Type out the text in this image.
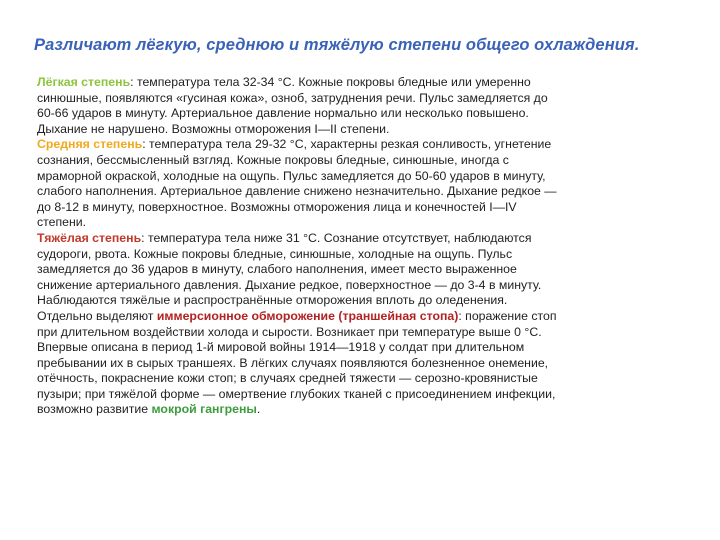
Различают лёгкую, среднюю и тяжёлую степени общего охлаждения.
Лёгкая степень: температура тела 32-34 °С. Кожные покровы бледные или умеренно
синюшные, появляются «гусиная кожа», озноб, затруднения речи. Пульс замедляется до
60-66 ударов в минуту. Артериальное давление нормально или несколько повышено.
Дыхание не нарушено. Возможны отморожения I—II степени.
Средняя степень: температура тела 29-32 °С, характерны резкая сонливость, угнетение
сознания, бессмысленный взгляд. Кожные покровы бледные, синюшные, иногда с
мраморной окраской, холодные на ощупь. Пульс замедляется до 50-60 ударов в минуту,
слабого наполнения. Артериальное давление снижено незначительно. Дыхание редкое —
до 8-12 в минуту, поверхностное. Возможны отморожения лица и конечностей I—IV
степени.
Тяжёлая степень: температура тела ниже 31 °С. Сознание отсутствует, наблюдаются
судороги, рвота. Кожные покровы бледные, синюшные, холодные на ощупь. Пульс
замедляется до 36 ударов в минуту, слабого наполнения, имеет место выраженное
снижение артериального давления. Дыхание редкое, поверхностное — до 3-4 в минуту.
Наблюдаются тяжёлые и распространённые отморожения вплоть до оледенения.
Отдельно выделяют иммерсионное обморожение (траншейная стопа): поражение стоп
при длительном воздействии холода и сырости. Возникает при температуре выше 0 °С.
Впервые описана в период 1-й мировой войны 1914—1918 у солдат при длительном
пребывании их в сырых траншеях. В лёгких случаях появляются болезненное онемение,
отёчность, покраснение кожи стоп; в случаях средней тяжести — серозно-кровянистые
пузыри; при тяжёлой форме — омертвение глубоких тканей с присоединением инфекции,
возможно развитие мокрой гангрены.
